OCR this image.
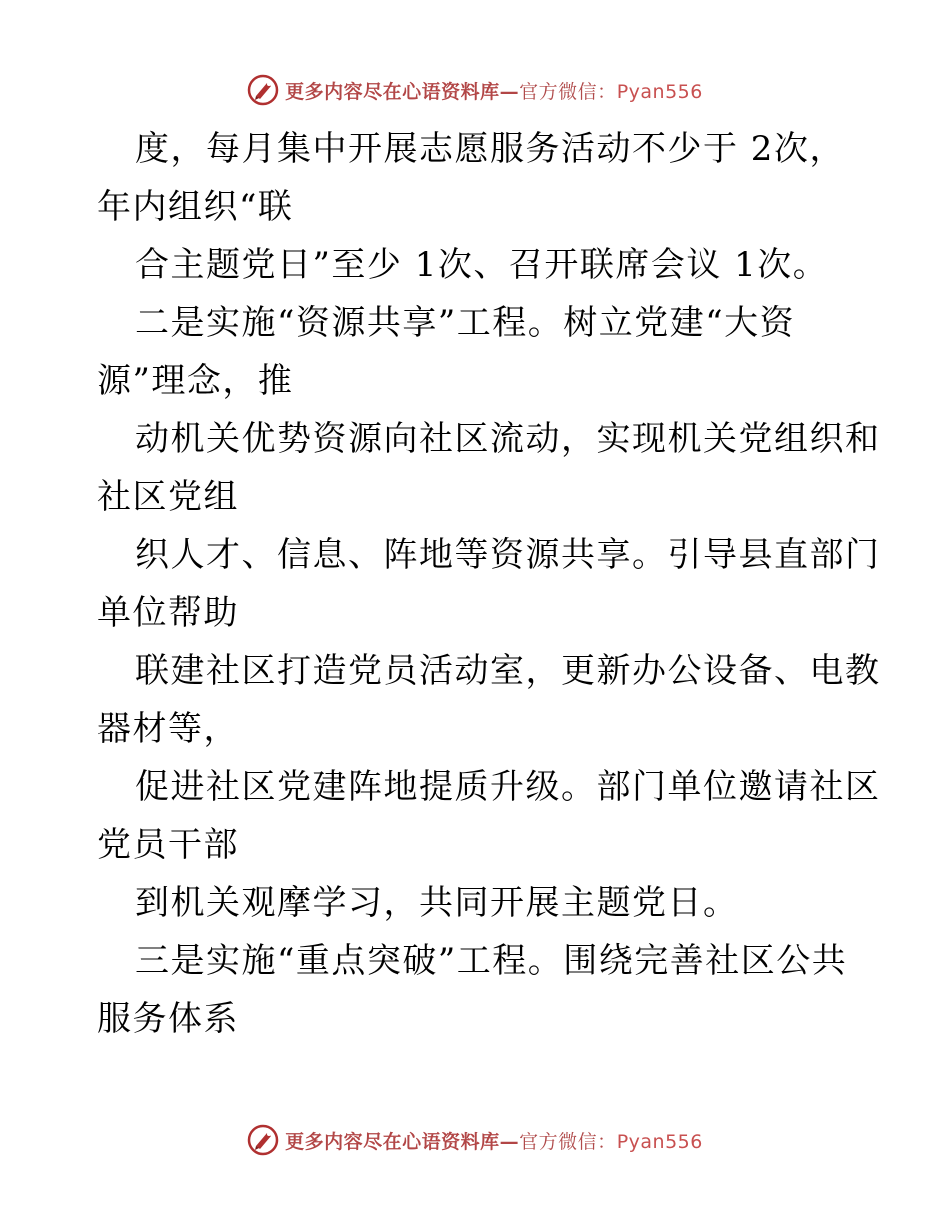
更多内容尽在心语资料库—官方微信：Pyan556
度，每月集中开展志愿服务活动不少于 2次，
年内组织“联
合主题党日”至少 1次、召开联席会议 1次。
二是实施“资源共享”工程。树立党建“大资
源”理念，推
动机关优势资源向社区流动，实现机关党组织和
社区党组
织人才、信息、阵地等资源共享。引导县直部门
单位帮助
联建社区打造党员活动室，更新办公设备、电教
器材等，
促进社区党建阵地提质升级。部门单位邀请社区
党员干部
到机关观摩学习，共同开展主题党日。
三是实施“重点突破”工程。围绕完善社区公共
服务体系
更多内容尽在心语资料库—官方微信：Pyan556
